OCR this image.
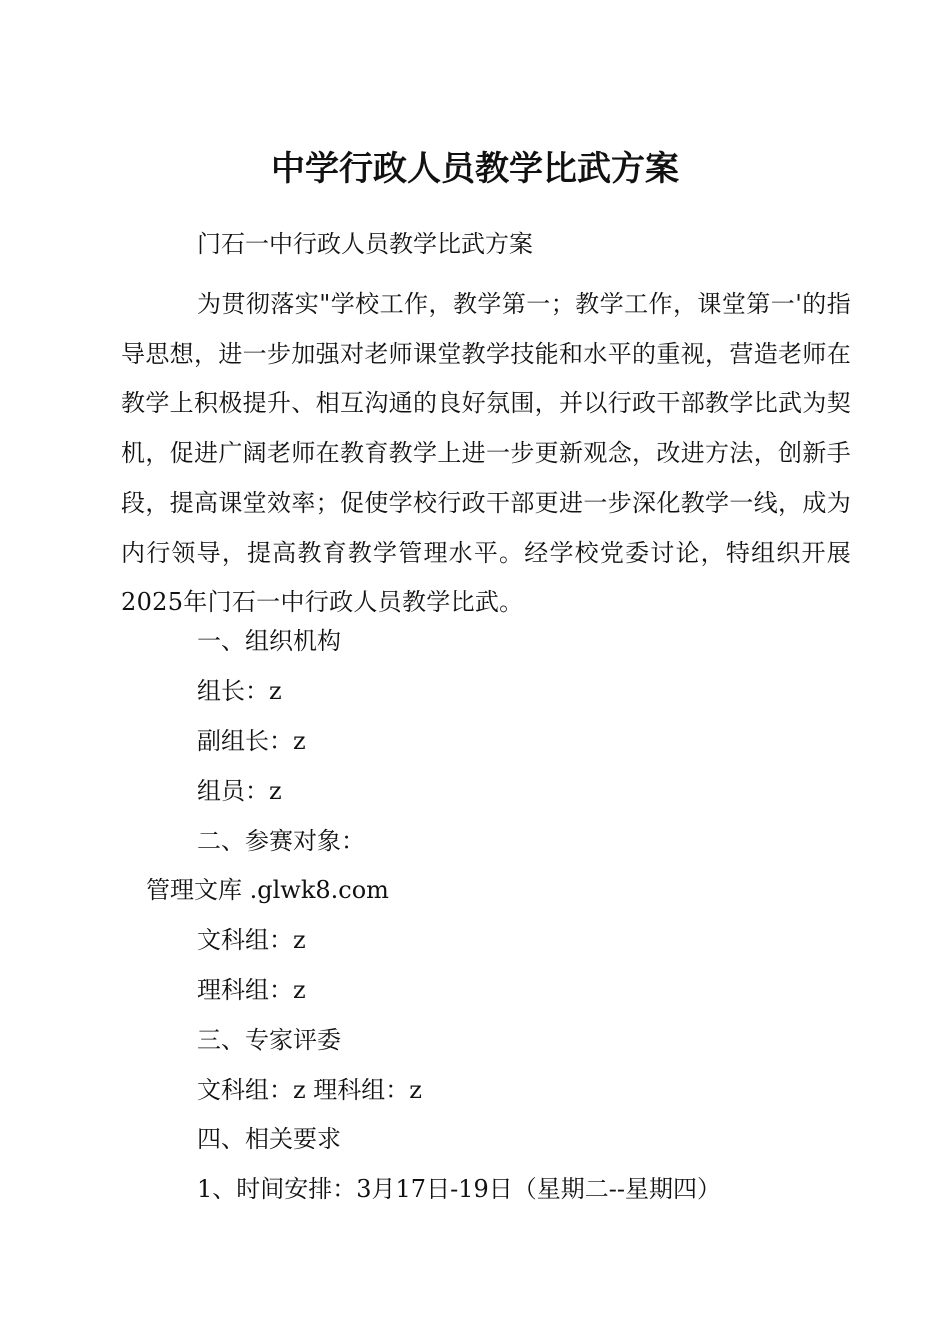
中学行政人员教学比武方案
门石一中行政人员教学比武方案
为贯彻落实"学校工作，教学第一；教学工作，课堂第一'的指导思想，进一步加强对老师课堂教学技能和水平的重视，营造老师在教学上积极提升、相互沟通的良好氛围，并以行政干部教学比武为契机，促进广阔老师在教育教学上进一步更新观念，改进方法，创新手段，提高课堂效率；促使学校行政干部更进一步深化教学一线，成为内行领导，提高教育教学管理水平。经学校党委讨论，特组织开展2025年门石一中行政人员教学比武。
一、组织机构
组长：z
副组长：z
组员：z
二、参赛对象：
管理文库 .glwk8.com
文科组：z
理科组：z
三、专家评委
文科组：z 理科组：z
四、相关要求
1、时间安排：3月17日-19日（星期二--星期四）
